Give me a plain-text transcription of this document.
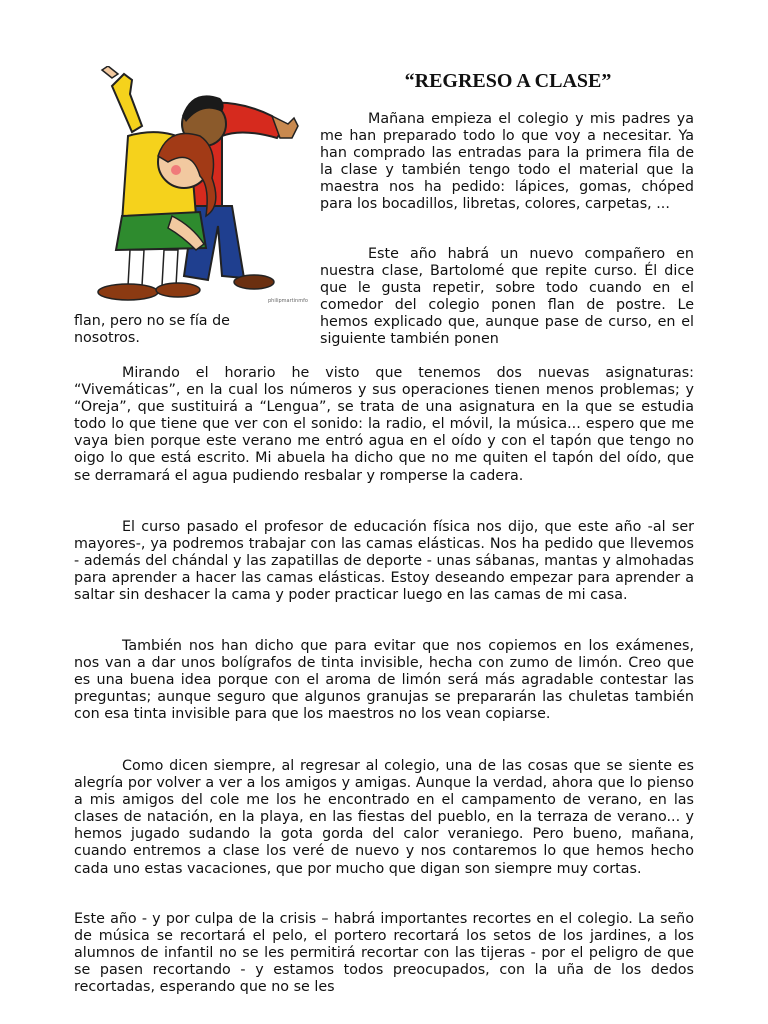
“REGRESO A CLASE”
philipmartinmfo

Mañana empieza el colegio y mis padres ya me han preparado todo lo que voy a necesitar. Ya han comprado las entradas para la primera fila de la clase y también tengo todo el material que la maestra nos ha pedido: lápices, gomas, chóped para los bocadillos, libretas, colores, carpetas, ...

Este año habrá un nuevo compañero en nuestra clase, Bartolomé que repite curso. Él dice que le gusta repetir, sobre todo cuando en el comedor del colegio ponen flan de postre. Le hemos explicado que, aunque pase de curso, en el siguiente también ponen

flan, pero no se fía de nosotros.

Mirando el horario he visto que tenemos dos nuevas asignaturas: “Vivemáticas”, en la cual los números y sus operaciones tienen menos problemas; y “Oreja”, que sustituirá a “Lengua”, se trata de una asignatura en la que se estudia todo lo que tiene que ver con el sonido: la radio, el móvil, la música... espero que me vaya bien porque este verano me entró agua en el oído y con el tapón que tengo no oigo lo que está escrito. Mi abuela ha dicho que no me quiten el tapón del oído, que se derramará el agua pudiendo resbalar y romperse la cadera.

El curso pasado el profesor de educación física nos dijo, que este año -al ser mayores-, ya podremos trabajar con las camas elásticas. Nos ha pedido que llevemos - además del chándal y las zapatillas de deporte - unas sábanas, mantas y almohadas para aprender a hacer las camas elásticas. Estoy deseando empezar para aprender a saltar sin deshacer la cama y poder practicar luego en las camas de mi casa.

También nos han dicho que para evitar que nos copiemos en los exámenes, nos van a dar unos bolígrafos de tinta invisible, hecha con zumo de limón. Creo que es una buena idea porque con el aroma de limón será más agradable contestar las preguntas; aunque seguro que algunos granujas se prepararán las chuletas también con esa tinta invisible para que los maestros no los vean copiarse.

Como dicen siempre, al regresar al colegio, una de las cosas que se siente es alegría por volver a ver a los amigos y amigas. Aunque la verdad, ahora que lo pienso a mis amigos del cole me los he encontrado en el campamento de verano, en las clases de natación, en la playa, en las fiestas del pueblo, en la terraza de verano... y hemos jugado sudando la gota gorda del calor veraniego. Pero bueno, mañana, cuando entremos a clase los veré de nuevo y nos contaremos lo que hemos hecho cada uno estas vacaciones, que por mucho que digan son siempre muy cortas.

Este año - y por culpa de la crisis – habrá importantes recortes en el colegio. La seño de música se recortará el pelo, el portero recortará los setos de los jardines, a los alumnos de infantil no se les permitirá recortar con las tijeras - por el peligro de que se pasen recortando - y estamos todos preocupados, con la uña de los dedos recortadas, esperando que no se les
